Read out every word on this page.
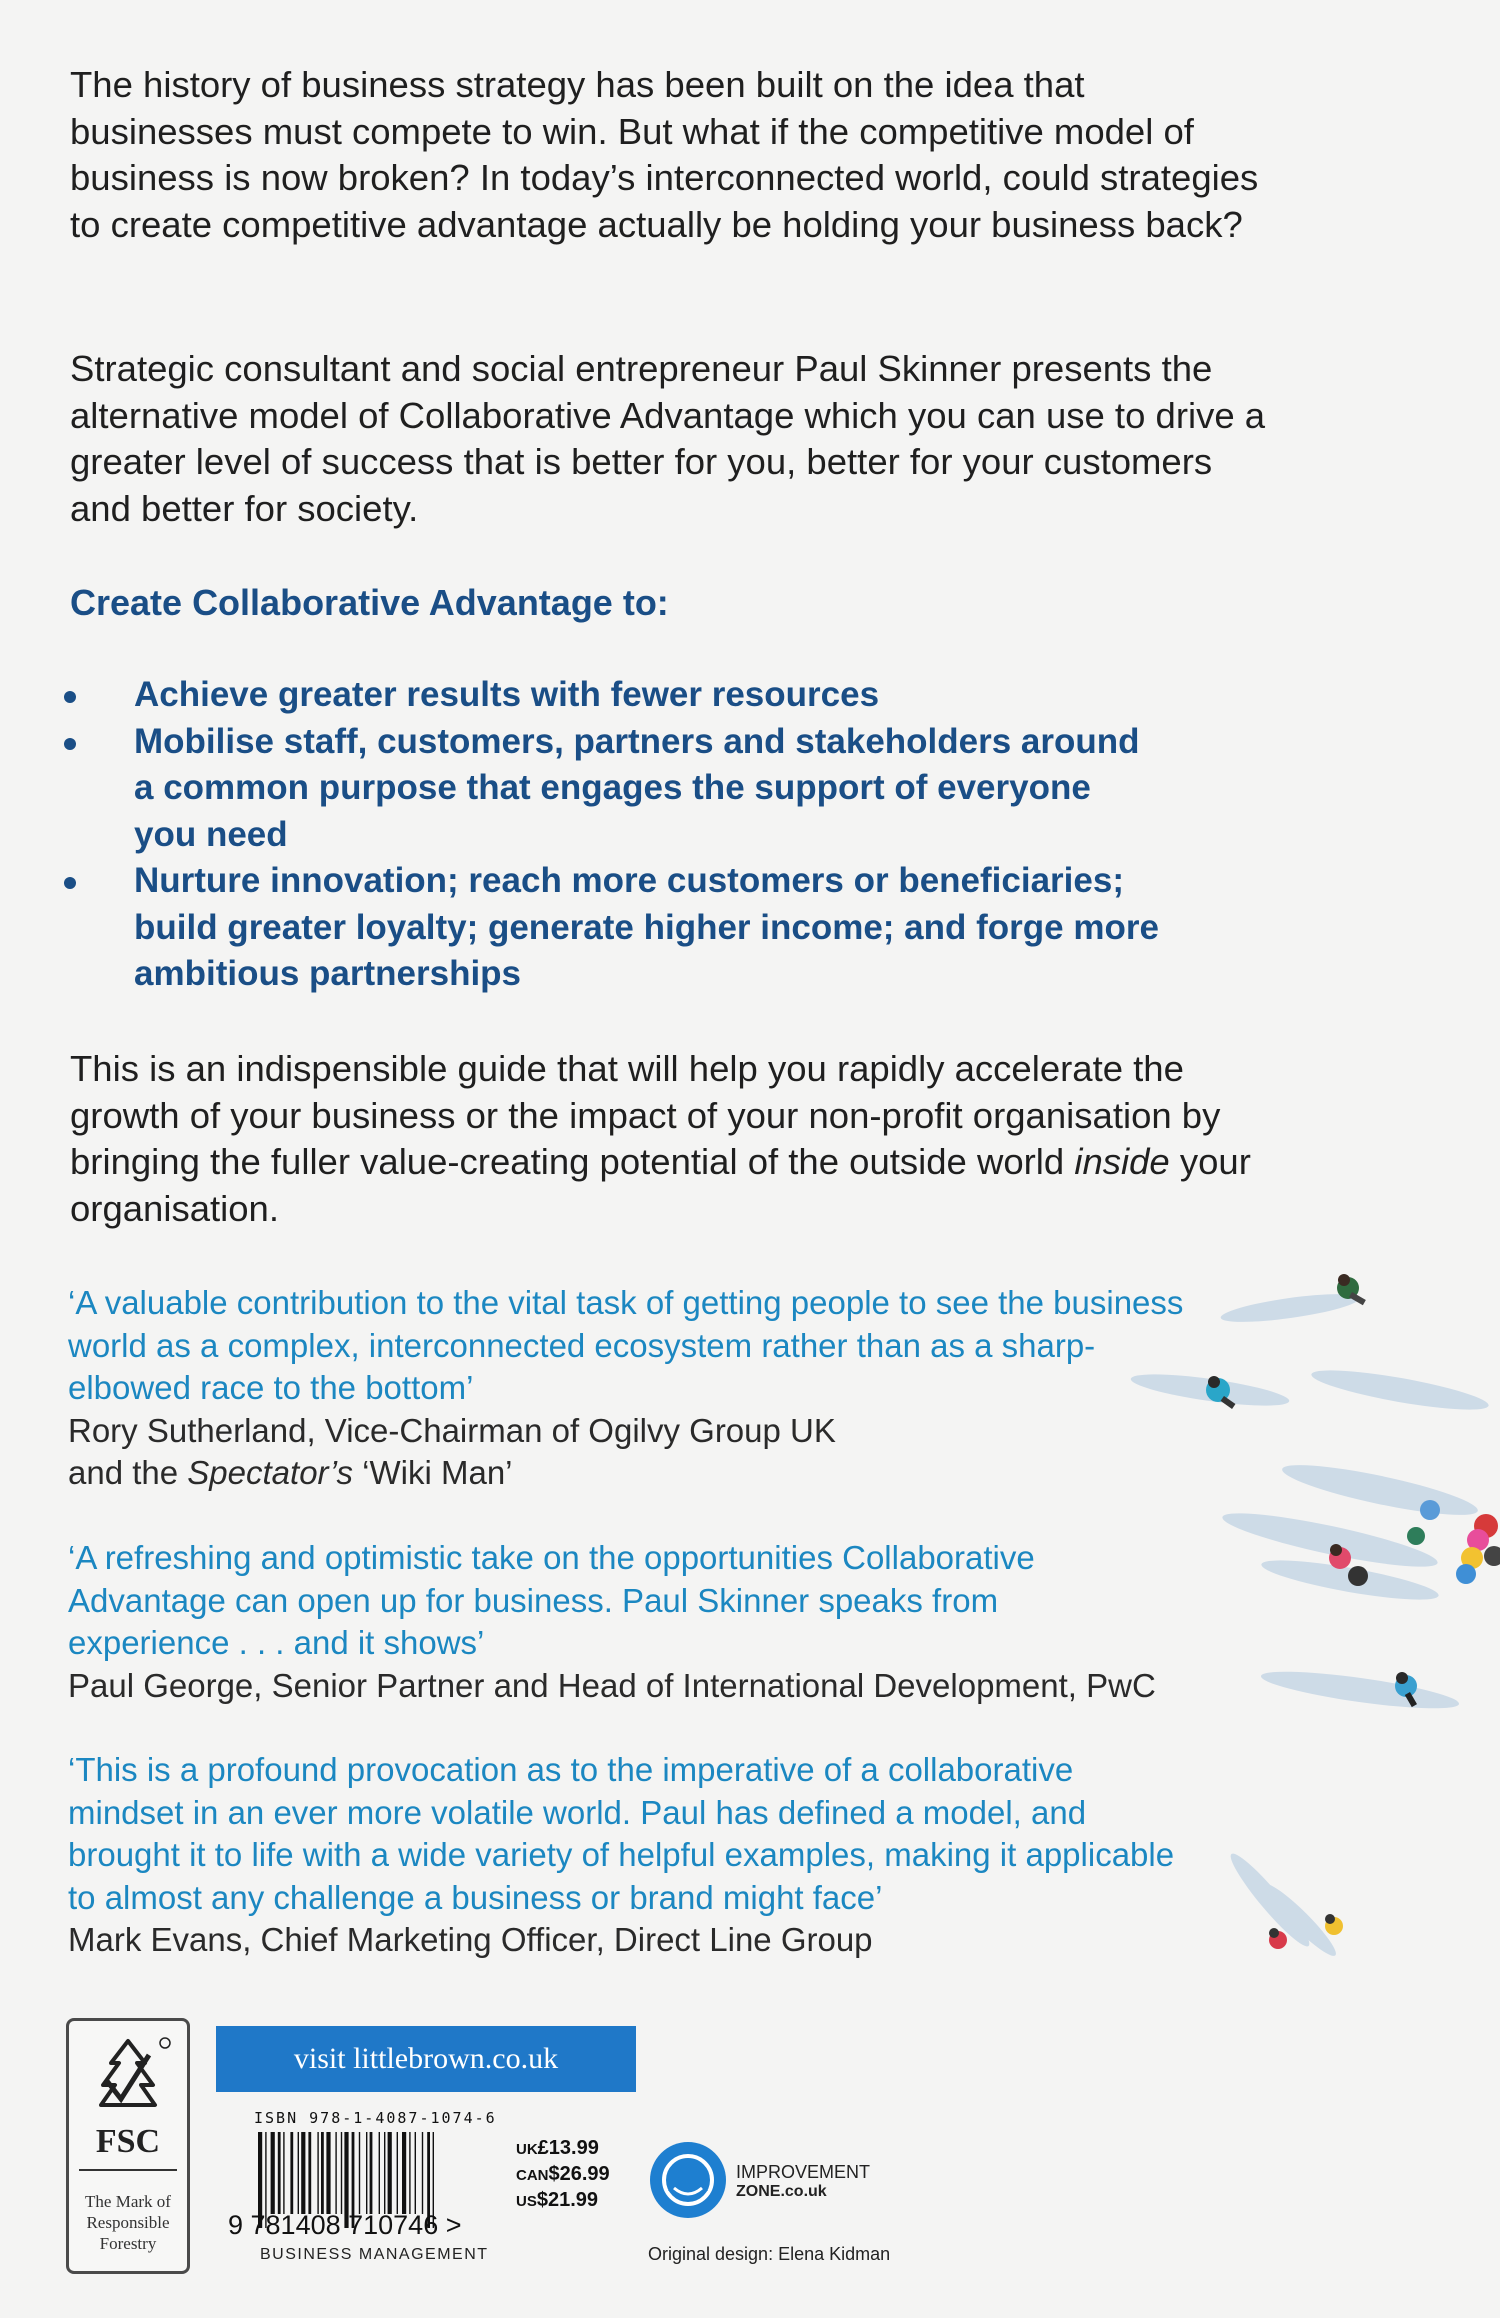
The history of business strategy has been built on the idea that businesses must compete to win. But what if the competitive model of business is now broken? In today’s interconnected world, could strategies to create competitive advantage actually be holding your business back?

Strategic consultant and social entrepreneur Paul Skinner presents the alternative model of Collaborative Advantage which you can use to drive a greater level of success that is better for you, better for your customers and better for society.

Create Collaborative Advantage to:
Achieve greater results with fewer resources
Mobilise staff, customers, partners and stakeholders around a common purpose that engages the support of everyone you need
Nurture innovation; reach more customers or beneficiaries; build greater loyalty; generate higher income; and forge more ambitious partnerships

This is an indispensible guide that will help you rapidly accelerate the growth of your business or the impact of your non-profit organisation by bringing the fuller value-creating potential of the outside world inside your organisation.

‘A valuable contribution to the vital task of getting people to see the business world as a complex, interconnected ecosystem rather than as a sharp-elbowed race to the bottom’
Rory Sutherland, Vice-Chairman of Ogilvy Group UK
and the Spectator’s ‘Wiki Man’
‘A refreshing and optimistic take on the opportunities Collaborative Advantage can open up for business. Paul Skinner speaks from experience . . . and it shows’
Paul George, Senior Partner and Head of International Development, PwC
‘This is a profound provocation as to the imperative of a collaborative mindset in an ever more volatile world. Paul has defined a model, and brought it to life with a wide variety of helpful examples, making it applicable to almost any challenge a business or brand might face’
Mark Evans, Chief Marketing Officer, Direct Line Group
FSC
The Mark of Responsible Forestry
visit littlebrown.co.uk
ISBN 978-1-4087-1074-6
9 781408 710746 >
BUSINESS MANAGEMENT
UK£13.99
CAN$26.99
US$21.99
IMPROVEMENT
ZONE.co.uk
Original design: Elena Kidman
